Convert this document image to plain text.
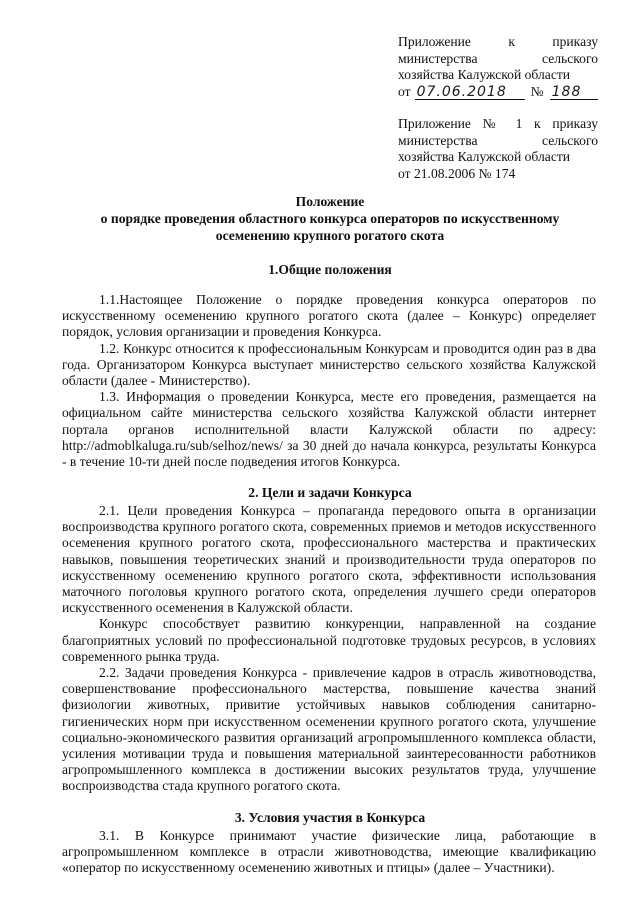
Приложение к приказу
министерства сельского
хозяйства Калужской области
от 07.06.2018	№ 188
Приложение № 1 к приказу
министерства сельского
хозяйства Калужской области
от 21.08.2006 № 174
Положение
о порядке проведения областного конкурса операторов по искусственному
осеменению крупного рогатого скота
1.Общие положения

1.1.Настоящее Положение о порядке проведения конкурса операторов по искусственному осеменению крупного рогатого скота (далее – Конкурс) определяет порядок, условия организации и проведения Конкурса.

1.2. Конкурс относится к профессиональным Конкурсам и проводится один раз в два года. Организатором Конкурса выступает министерство сельского хозяйства Калужской области (далее - Министерство).

1.3. Информация о проведении Конкурса, месте его проведения, размещается на официальном сайте министерства сельского хозяйства Калужской области интернет портала органов исполнительной власти Калужской области по адресу: http://admoblkaluga.ru/sub/selhoz/news/ за 30 дней до начала конкурса, результаты Конкурса - в течение 10-ти дней после подведения итогов Конкурса.

2. Цели и задачи Конкурса

2.1. Цели проведения Конкурса – пропаганда передового опыта в организации воспроизводства крупного рогатого скота, современных приемов и методов искусственного осеменения крупного рогатого скота, профессионального мастерства и практических навыков, повышения теоретических знаний и производительности труда операторов по искусственному осеменению крупного рогатого скота, эффективности использования маточного поголовья крупного рогатого скота, определения лучшего среди операторов искусственного осеменения в Калужской области.

Конкурс способствует развитию конкуренции, направленной на создание благоприятных условий по профессиональной подготовке трудовых ресурсов, в условиях современного рынка труда.

2.2. Задачи проведения Конкурса - привлечение кадров в отрасль животноводства, совершенствование профессионального мастерства, повышение качества знаний физиологии животных, привитие устойчивых навыков соблюдения санитарно-гигиенических норм при искусственном осеменении крупного рогатого скота, улучшение социально-экономического развития организаций агропромышленного комплекса области, усиления мотивации труда и повышения материальной заинтересованности работников агропромышленного комплекса в достижении высоких результатов труда, улучшение воспроизводства стада крупного рогатого скота.

3. Условия участия в Конкурса

3.1. В Конкурсе принимают участие физические лица, работающие в агропромышленном комплексе в отрасли животноводства, имеющие квалификацию «оператор по искусственному осеменению животных и птицы» (далее – Участники).
